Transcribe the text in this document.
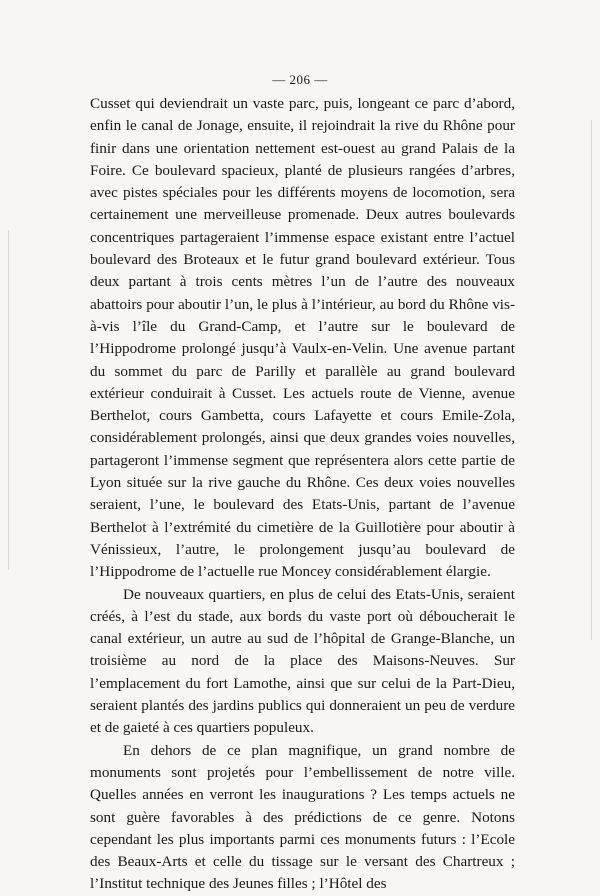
— 206 —

Cusset qui deviendrait un vaste parc, puis, longeant ce parc d’abord, enfin le canal de Jonage, ensuite, il rejoindrait la rive du Rhône pour finir dans une orientation nettement est-ouest au grand Palais de la Foire. Ce boulevard spacieux, planté de plusieurs rangées d’arbres, avec pistes spéciales pour les différents moyens de locomotion, sera certainement une merveilleuse promenade. Deux autres boulevards concentriques partageraient l’immense espace existant entre l’actuel boulevard des Broteaux et le futur grand boulevard extérieur. Tous deux partant à trois cents mètres l’un de l’autre des nouveaux abattoirs pour aboutir l’un, le plus à l’intérieur, au bord du Rhône vis-à-vis l’île du Grand-Camp, et l’autre sur le boulevard de l’Hippodrome prolongé jusqu’à Vaulx-en-Velin. Une avenue partant du sommet du parc de Parilly et parallèle au grand boulevard extérieur conduirait à Cusset. Les actuels route de Vienne, avenue Berthelot, cours Gambetta, cours Lafayette et cours Emile-Zola, considérablement prolongés, ainsi que deux grandes voies nouvelles, partageront l’immense segment que représentera alors cette partie de Lyon située sur la rive gauche du Rhône. Ces deux voies nouvelles seraient, l’une, le boulevard des Etats-Unis, partant de l’avenue Berthelot à l’extrémité du cimetière de la Guillotière pour aboutir à Vénissieux, l’autre, le prolongement jusqu’au boulevard de l’Hippodrome de l’actuelle rue Moncey considérablement élargie.

De nouveaux quartiers, en plus de celui des Etats-Unis, seraient créés, à l’est du stade, aux bords du vaste port où déboucherait le canal extérieur, un autre au sud de l’hôpital de Grange-Blanche, un troisième au nord de la place des Maisons-Neuves. Sur l’emplacement du fort Lamothe, ainsi que sur celui de la Part-Dieu, seraient plantés des jardins publics qui donneraient un peu de verdure et de gaieté à ces quartiers populeux.

En dehors de ce plan magnifique, un grand nombre de monuments sont projetés pour l’embellissement de notre ville. Quelles années en verront les inaugurations ? Les temps actuels ne sont guère favorables à des prédictions de ce genre. Notons cependant les plus importants parmi ces monuments futurs : l’Ecole des Beaux-Arts et celle du tissage sur le versant des Chartreux ; l’Institut technique des Jeunes filles ; l’Hôtel des
